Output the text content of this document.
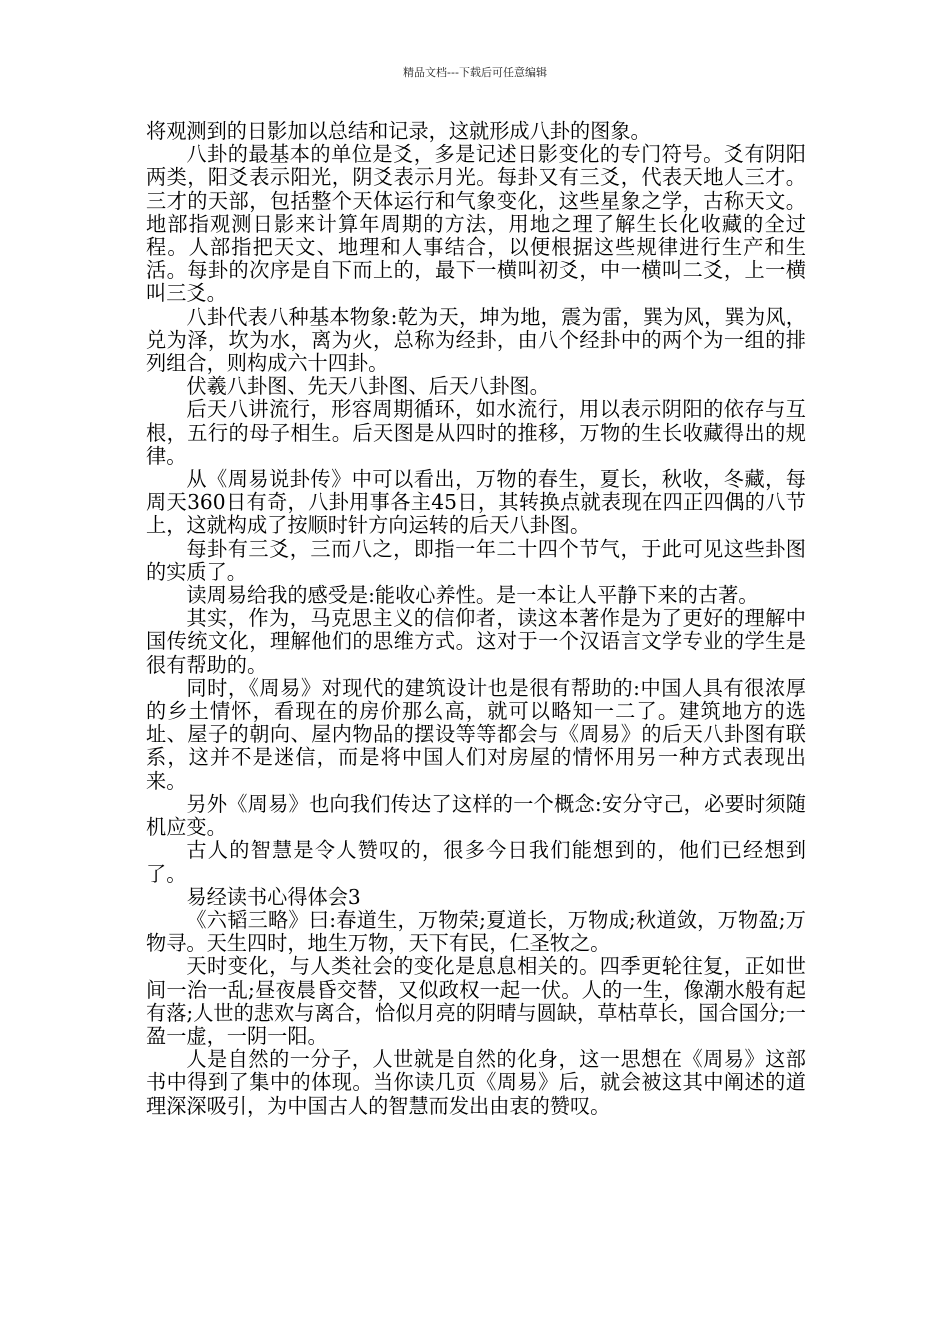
精品文档---下载后可任意编辑

将观测到的日影加以总结和记录，这就形成八卦的图象。

八卦的最基本的单位是爻，多是记述日影变化的专门符号。爻有阴阳两类，阳爻表示阳光，阴爻表示月光。每卦又有三爻，代表天地人三才。三才的天部，包括整个天体运行和气象变化，这些星象之学，古称天文。地部指观测日影来计算年周期的方法，用地之理了解生长化收藏的全过程。人部指把天文、地理和人事结合，以便根据这些规律进行生产和生活。每卦的次序是自下而上的，最下一横叫初爻，中一横叫二爻，上一横叫三爻。

八卦代表八种基本物象:乾为天，坤为地，震为雷，巽为风，巽为风，兑为泽，坎为水，离为火，总称为经卦，由八个经卦中的两个为一组的排列组合，则构成六十四卦。

伏羲八卦图、先天八卦图、后天八卦图。

后天八讲流行，形容周期循环，如水流行，用以表示阴阳的依存与互根，五行的母子相生。后天图是从四时的推移，万物的生长收藏得出的规律。

从《周易说卦传》中可以看出，万物的春生，夏长，秋收，冬藏，每周天360日有奇，八卦用事各主45日，其转换点就表现在四正四偶的八节上，这就构成了按顺时针方向运转的后天八卦图。

每卦有三爻，三而八之，即指一年二十四个节气，于此可见这些卦图的实质了。

读周易给我的感受是:能收心养性。是一本让人平静下来的古著。

其实，作为，马克思主义的信仰者，读这本著作是为了更好的理解中国传统文化，理解他们的思维方式。这对于一个汉语言文学专业的学生是很有帮助的。

同时，《周易》对现代的建筑设计也是很有帮助的:中国人具有很浓厚的乡土情怀，看现在的房价那么高，就可以略知一二了。建筑地方的选址、屋子的朝向、屋内物品的摆设等等都会与《周易》的后天八卦图有联系，这并不是迷信，而是将中国人们对房屋的情怀用另一种方式表现出来。

另外《周易》也向我们传达了这样的一个概念:安分守己，必要时须随机应变。

古人的智慧是令人赞叹的，很多今日我们能想到的，他们已经想到了。

易经读书心得体会3

《六韬三略》曰:春道生，万物荣;夏道长，万物成;秋道敛，万物盈;万物寻。天生四时，地生万物，天下有民，仁圣牧之。

天时变化，与人类社会的变化是息息相关的。四季更轮往复，正如世间一治一乱;昼夜晨昏交替，又似政权一起一伏。人的一生，像潮水般有起有落;人世的悲欢与离合，恰似月亮的阴晴与圆缺，草枯草长，国合国分;一盈一虚，一阴一阳。

人是自然的一分子，人世就是自然的化身，这一思想在《周易》这部书中得到了集中的体现。当你读几页《周易》后，就会被这其中阐述的道理深深吸引，为中国古人的智慧而发出由衷的赞叹。
